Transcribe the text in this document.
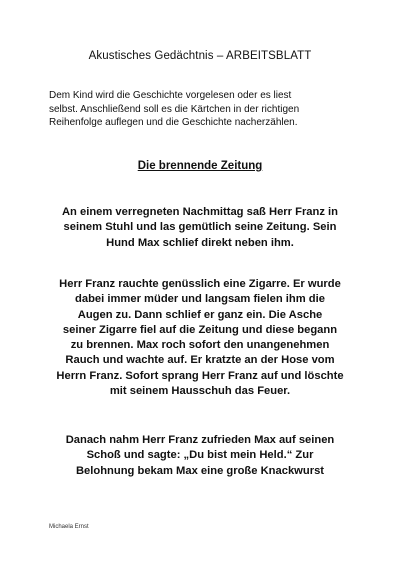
Akustisches Gedächtnis – ARBEITSBLATT

Dem Kind wird die Geschichte vorgelesen oder es liest
selbst. Anschließend soll es die Kärtchen in der richtigen
Reihenfolge auflegen und die Geschichte nacherzählen.

Die brennende Zeitung

An einem verregneten Nachmittag saß Herr Franz in
seinem Stuhl und las gemütlich seine Zeitung. Sein
Hund Max schlief direkt neben ihm.

Herr Franz rauchte genüsslich eine Zigarre. Er wurde
dabei immer müder und langsam fielen ihm die
Augen zu. Dann schlief er ganz ein. Die Asche
seiner Zigarre fiel auf die Zeitung und diese begann
zu brennen. Max roch sofort den unangenehmen
Rauch und wachte auf. Er kratzte an der Hose vom
Herrn Franz. Sofort sprang Herr Franz auf und löschte
mit seinem Hausschuh das Feuer.

Danach nahm Herr Franz zufrieden Max auf seinen
Schoß und sagte: „Du bist mein Held.“ Zur
Belohnung bekam Max eine große Knackwurst

Michaela Ernst
